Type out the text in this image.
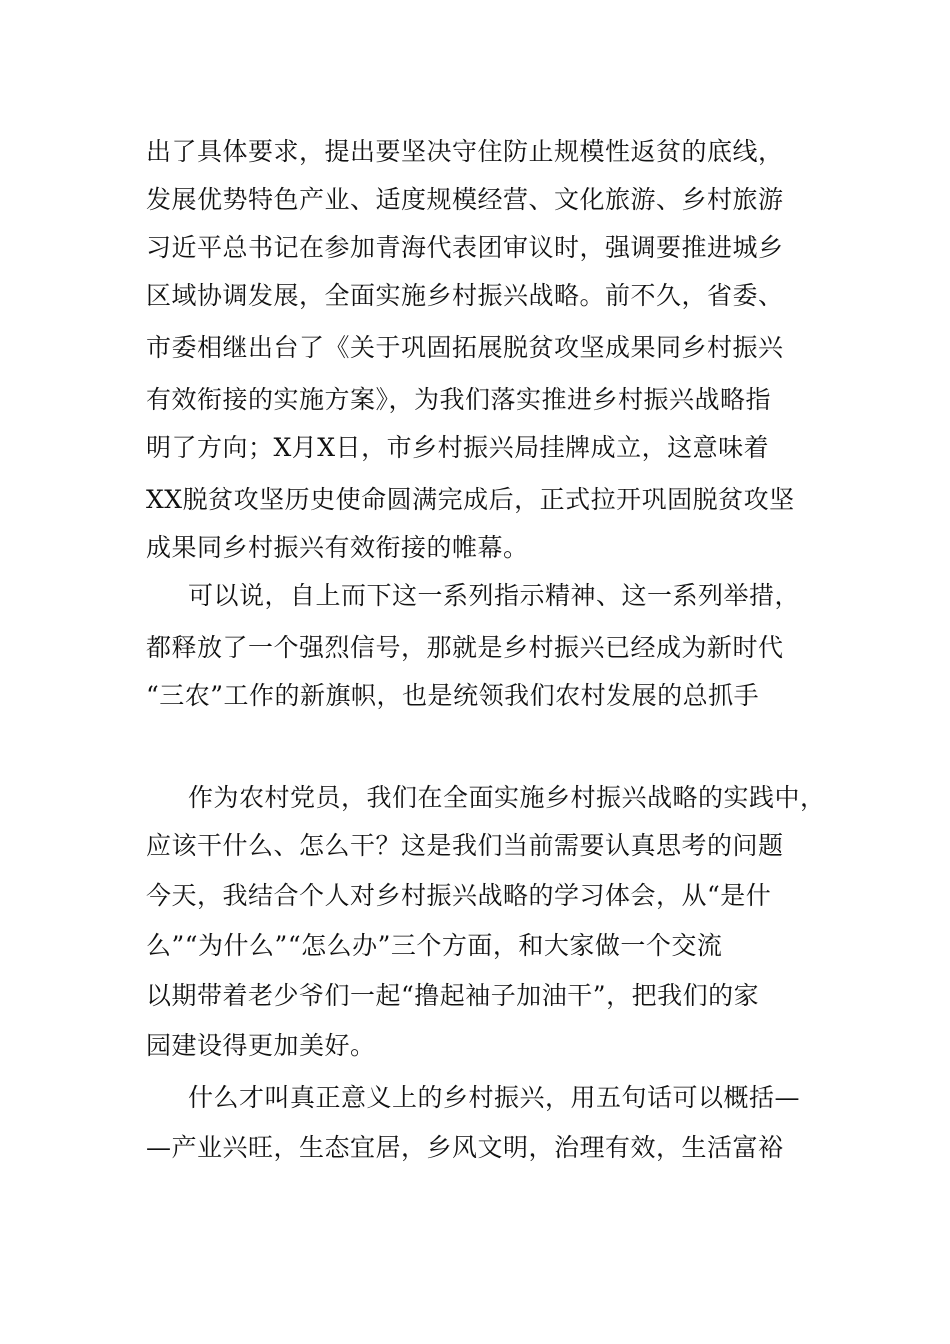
出了具体要求，提出要坚决守住防止规模性返贫的底线，
发展优势特色产业、适度规模经营、文化旅游、乡村旅游
习近平总书记在参加青海代表团审议时，强调要推进城乡
区域协调发展，全面实施乡村振兴战略。前不久，省委、
市委相继出台了《关于巩固拓展脱贫攻坚成果同乡村振兴
有效衔接的实施方案》，为我们落实推进乡村振兴战略指
明了方向；X月X日，市乡村振兴局挂牌成立，这意味着
XX脱贫攻坚历史使命圆满完成后，正式拉开巩固脱贫攻坚
成果同乡村振兴有效衔接的帷幕。
可以说，自上而下这一系列指示精神、这一系列举措，
都释放了一个强烈信号，那就是乡村振兴已经成为新时代
“三农”工作的新旗帜，也是统领我们农村发展的总抓手
作为农村党员，我们在全面实施乡村振兴战略的实践中，
应该干什么、怎么干？这是我们当前需要认真思考的问题
今天，我结合个人对乡村振兴战略的学习体会，从“是什
么”“为什么”“怎么办”三个方面，和大家做一个交流
以期带着老少爷们一起“撸起袖子加油干”，把我们的家
园建设得更加美好。
什么才叫真正意义上的乡村振兴，用五句话可以概括—
—产业兴旺，生态宜居，乡风文明，治理有效，生活富裕
